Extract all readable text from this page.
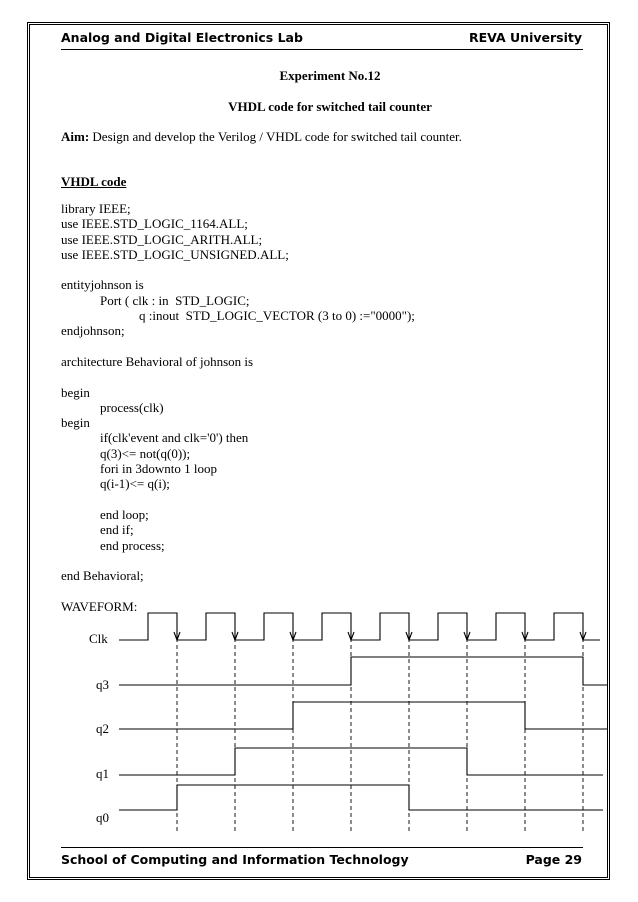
Analog and Digital Electronics Lab	REVA University
Experiment No.12
VHDL code for switched tail counter
Aim: Design and develop the Verilog / VHDL code for switched tail counter.
VHDL code
library IEEE;
use IEEE.STD_LOGIC_1164.ALL;
use IEEE.STD_LOGIC_ARITH.ALL;
use IEEE.STD_LOGIC_UNSIGNED.ALL;
entityjohnson is
Port ( clk : in  STD_LOGIC;
q :inout  STD_LOGIC_VECTOR (3 to 0) :="0000");
endjohnson;
architecture Behavioral of johnson is
begin
process(clk)
begin
if(clk'event and clk='0') then
q(3)<= not(q(0));
fori in 3downto 1 loop
q(i-1)<= q(i);
end loop;
end if;
end process;
end Behavioral;
WAVEFORM:
Clk
q3
q2
q1
q0
School of Computing and Information Technology	Page 29
